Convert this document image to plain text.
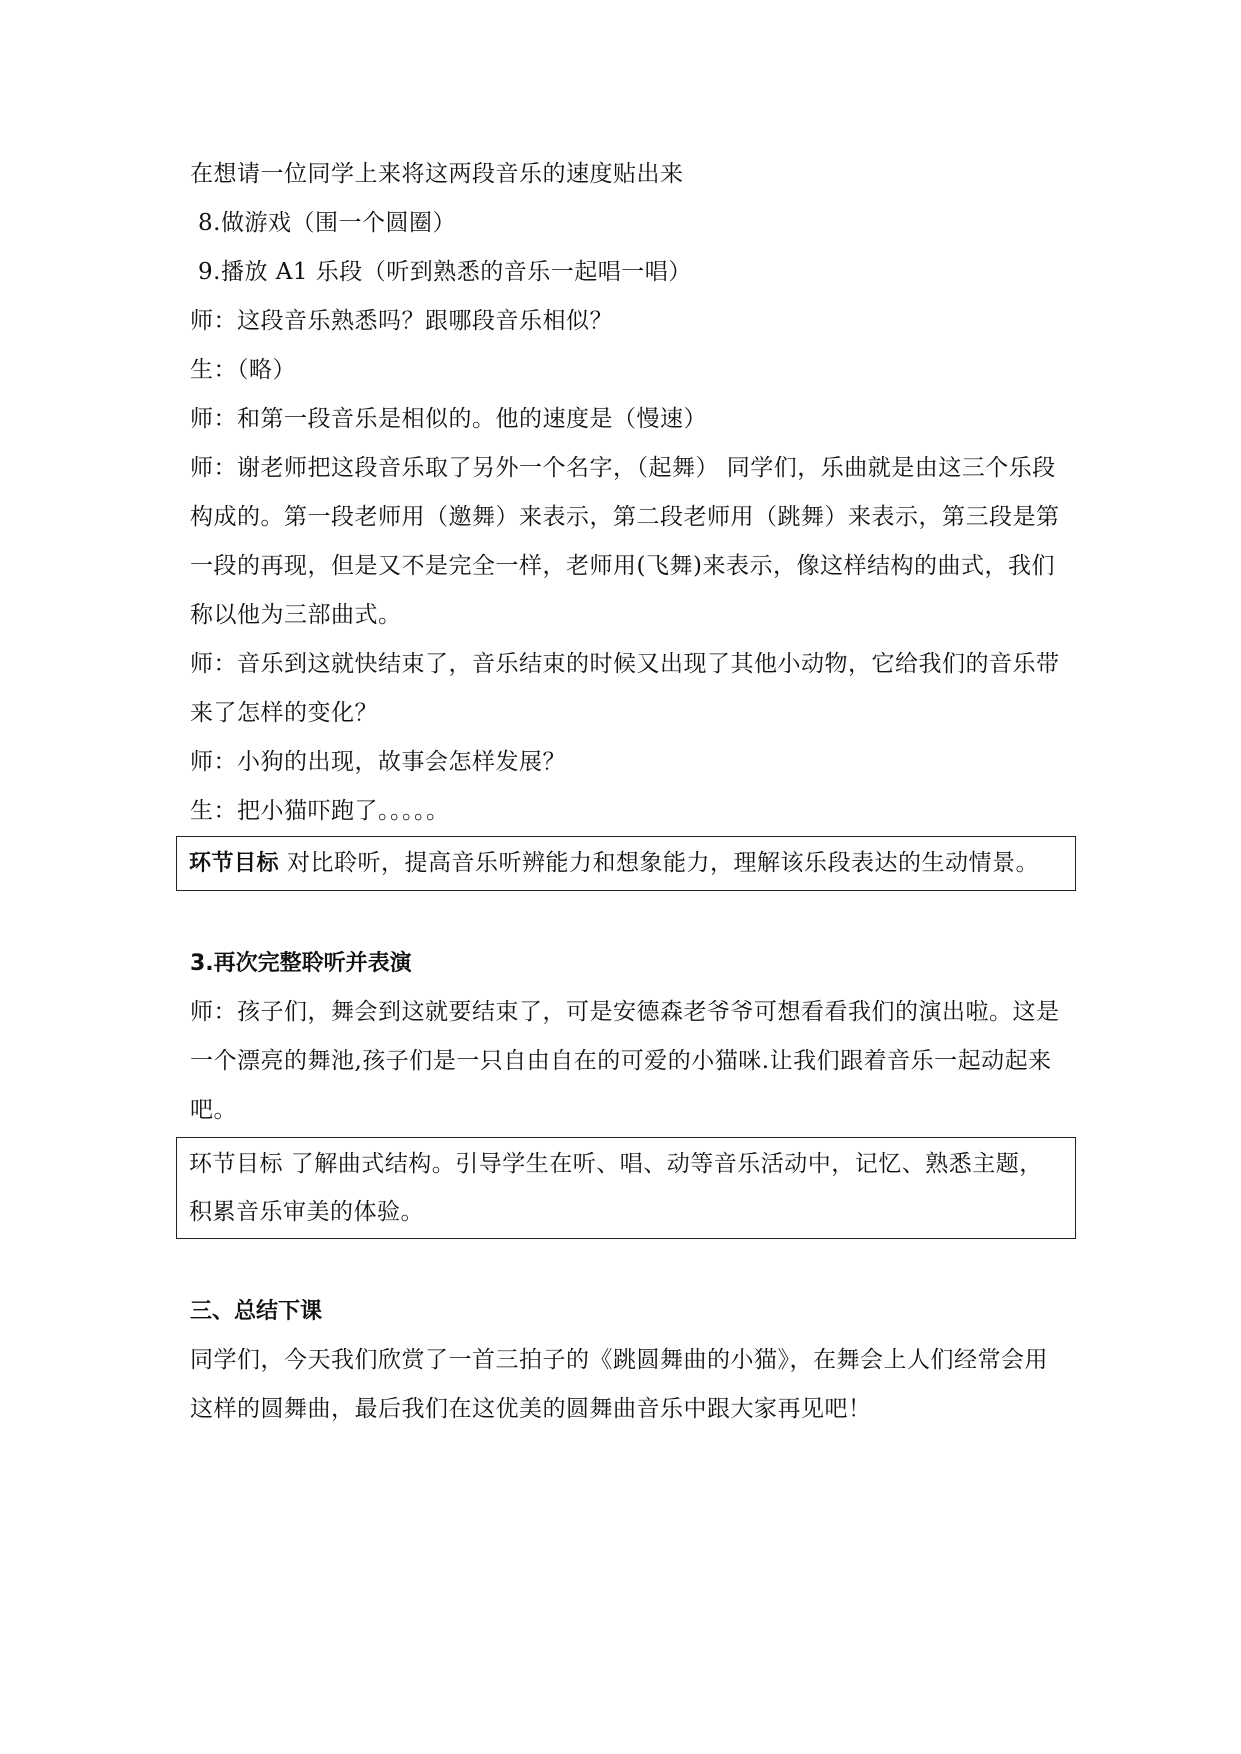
在想请一位同学上来将这两段音乐的速度贴出来
8.做游戏（围一个圆圈）
9.播放 A1 乐段（听到熟悉的音乐一起唱一唱）
师：这段音乐熟悉吗？跟哪段音乐相似？
生：（略）
师：和第一段音乐是相似的。他的速度是（慢速）
师：谢老师把这段音乐取了另外一个名字，（起舞） 同学们，乐曲就是由这三个乐段构成的。第一段老师用（邀舞）来表示，第二段老师用（跳舞）来表示，第三段是第一段的再现，但是又不是完全一样，老师用(飞舞)来表示，像这样结构的曲式，我们称以他为三部曲式。
师：音乐到这就快结束了，音乐结束的时候又出现了其他小动物，它给我们的音乐带来了怎样的变化？
师：小狗的出现，故事会怎样发展？
生：把小猫吓跑了。。。。。
环节目标 对比聆听，提高音乐听辨能力和想象能力，理解该乐段表达的生动情景。
3.再次完整聆听并表演
师：孩子们，舞会到这就要结束了，可是安德森老爷爷可想看看我们的演出啦。这是一个漂亮的舞池,孩子们是一只自由自在的可爱的小猫咪.让我们跟着音乐一起动起来吧。
环节目标 了解曲式结构。引导学生在听、唱、动等音乐活动中，记忆、熟悉主题，积累音乐审美的体验。
三、总结下课
同学们，今天我们欣赏了一首三拍子的《跳圆舞曲的小猫》，在舞会上人们经常会用这样的圆舞曲，最后我们在这优美的圆舞曲音乐中跟大家再见吧！
